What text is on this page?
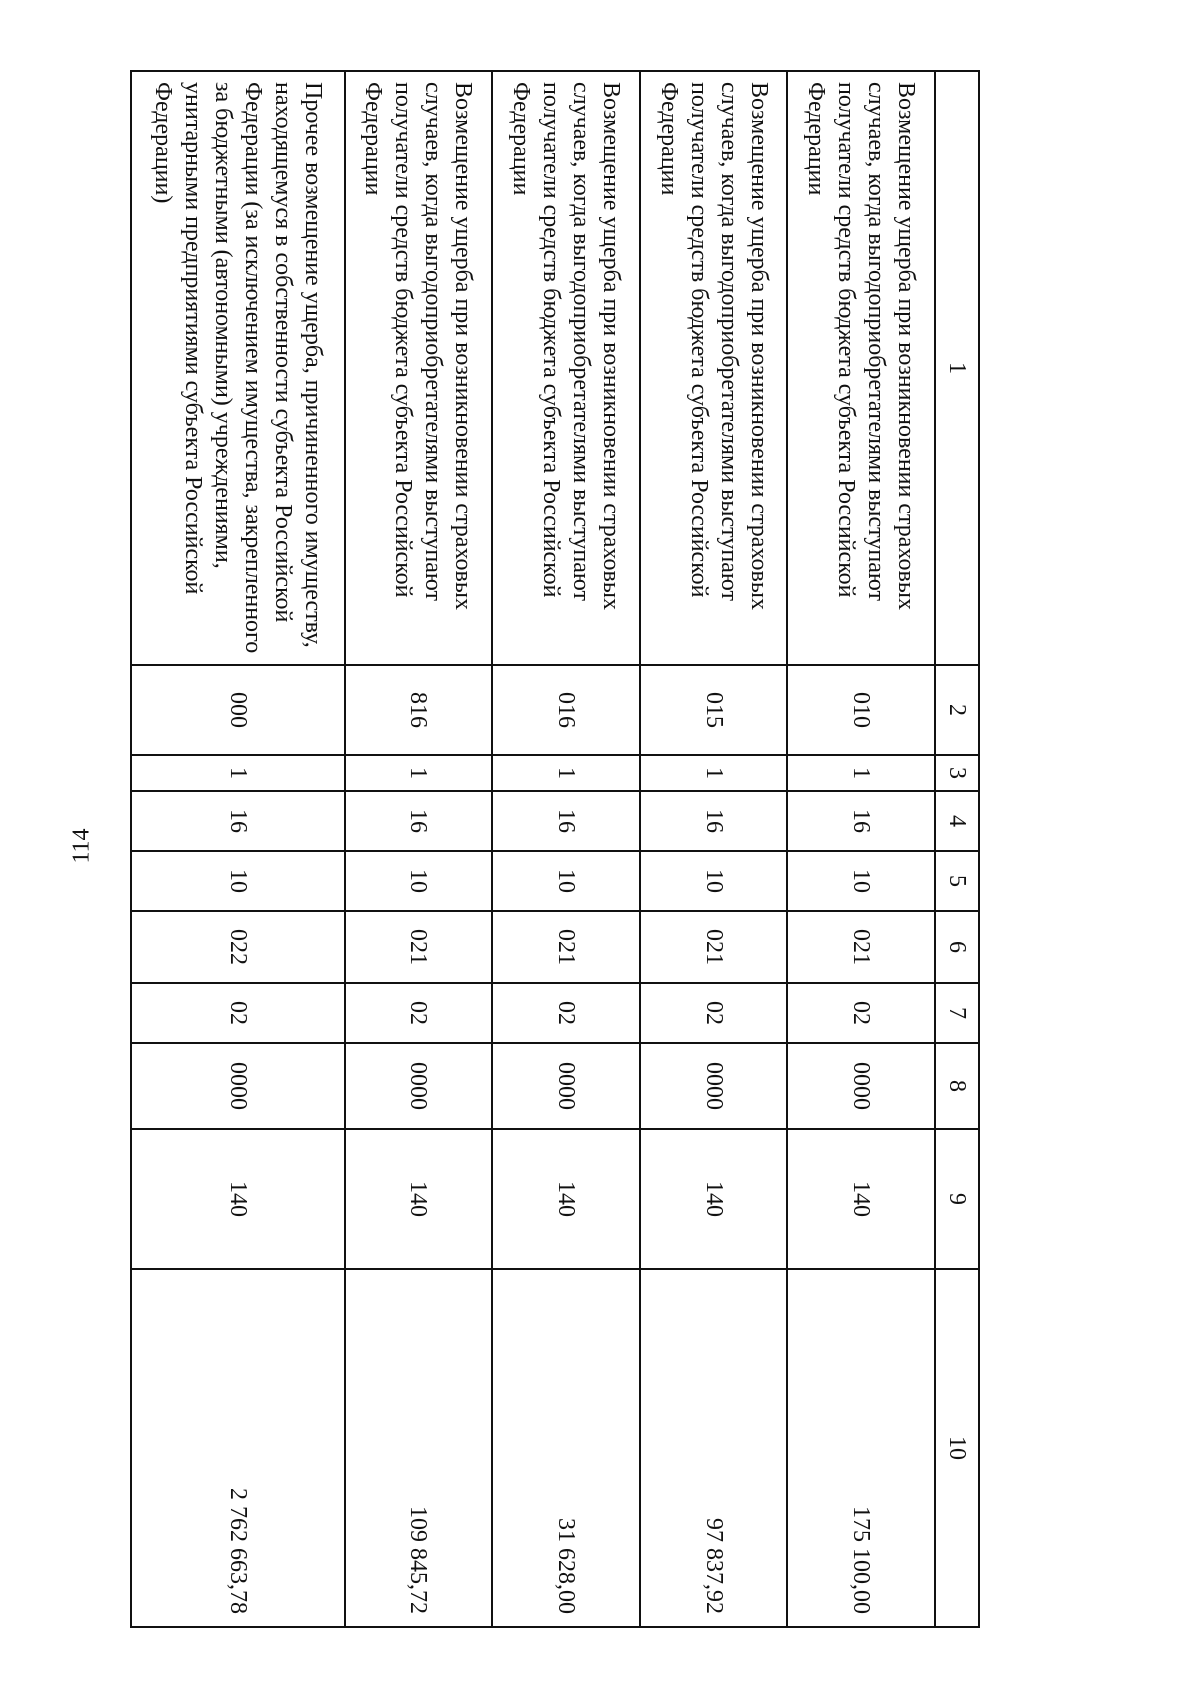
114
1	2	3	4	5	6	7	8	9	10
Возмещение ущерба при возникновении страховых случаев, когда выгодоприобретателями выступают получатели средств бюджета субъекта Российской Федерации	010	1	16	10	021	02	0000	140	175 100,00
Возмещение ущерба при возникновении страховых случаев, когда выгодоприобретателями выступают получатели средств бюджета субъекта Российской Федерации	015	1	16	10	021	02	0000	140	97 837,92
Возмещение ущерба при возникновении страховых случаев, когда выгодоприобретателями выступают получатели средств бюджета субъекта Российской Федерации	016	1	16	10	021	02	0000	140	31 628,00
Возмещение ущерба при возникновении страховых случаев, когда выгодоприобретателями выступают получатели средств бюджета субъекта Российской Федерации	816	1	16	10	021	02	0000	140	109 845,72
Прочее возмещение ущерба, причиненного имуществу, находящемуся в собственности субъекта Российской Федерации (за исключением имущества, закрепленного за бюджетными (автономными) учреждениями, унитарными предприятиями субъекта Российской Федерации)	000	1	16	10	022	02	0000	140	2 762 663,78
